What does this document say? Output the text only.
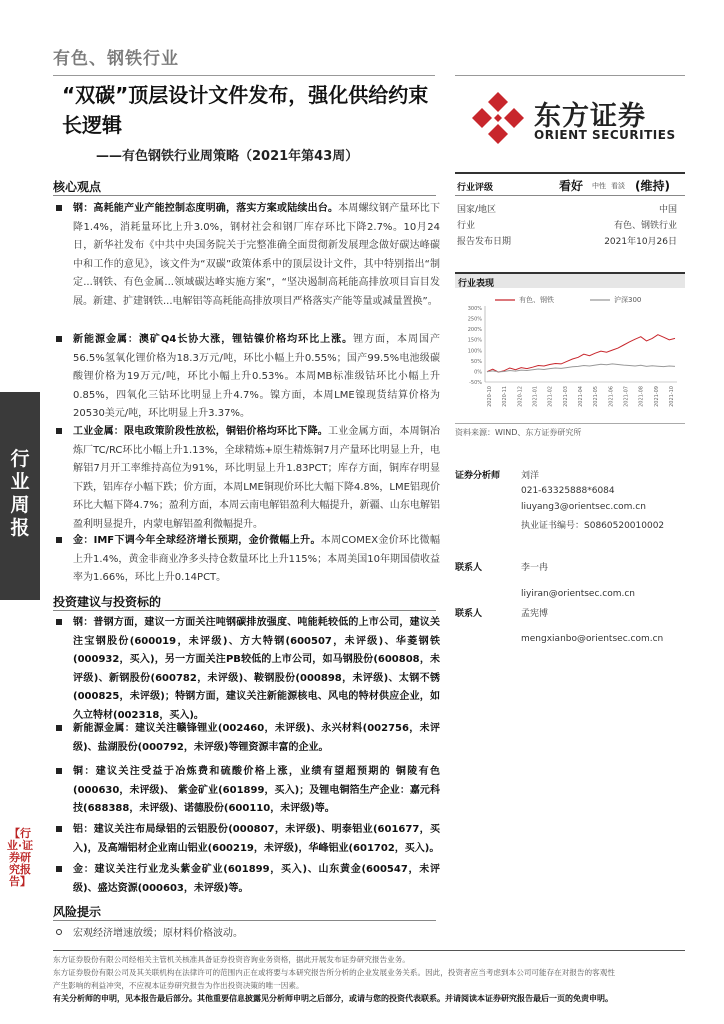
有色、钢铁行业
“双碳”顶层设计文件发布，强化供给约束长逻辑
——有色钢铁行业周策略（2021年第43周）
东方证券
ORIENT SECURITIES
行业周报
【行业·证券研究报告】
核心观点
钢：高耗能产业产能控制态度明确，落实方案或陆续出台。本周螺纹钢产量环比下降1.4%，消耗量环比上升3.0%，钢材社会和钢厂库存环比下降2.7%。10月24日，新华社发布《中共中央国务院关于完整准确全面贯彻新发展理念做好碳达峰碳中和工作的意见》，该文件为“双碳”政策体系中的顶层设计文件，其中特别指出“制定...钢铁、有色金属...领域碳达峰实施方案”，“坚决遏制高耗能高排放项目盲目发展。新建、扩建钢铁...电解铝等高耗能高排放项目严格落实产能等量或减量置换”。
新能源金属：澳矿Q4长协大涨，锂钴镍价格均环比上涨。锂方面，本周国产56.5%氢氧化锂价格为18.3万元/吨，环比小幅上升0.55%；国产99.5%电池级碳酸锂价格为19万元/吨，环比小幅上升0.53%。本周MB标准级钴环比小幅上升0.85%，四氧化三钴环比明显上升4.7%。镍方面，本周LME镍现货结算价格为20530美元/吨，环比明显上升3.37%。
工业金属：限电政策阶段性放松，铜铝价格均环比下降。工业金属方面，本周铜冶炼厂TC/RC环比小幅上升1.13%，全球精炼+原生精炼铜7月产量环比明显上升，电解铝7月开工率维持高位为91%，环比明显上升1.83PCT；库存方面，铜库存明显下跌，铝库存小幅下跌；价方面，本周LME铜现价环比大幅下降4.8%，LME铝现价环比大幅下降4.7%；盈利方面，本周云南电解铝盈利大幅提升，新疆、山东电解铝盈利明显提升，内蒙电解铝盈利微幅提升。
金：IMF下调今年全球经济增长预期，金价微幅上升。本周COMEX金价环比微幅上升1.4%，黄金非商业净多头持仓数量环比上升115%；本周美国10年期国债收益率为1.66%，环比上升0.14PCT。
投资建议与投资标的
钢：普钢方面，建议一方面关注吨钢碳排放强度、吨能耗较低的上市公司，建议关注宝钢股份(600019，未评级)、方大特钢(600507，未评级)、华菱钢铁(000932，买入)，另一方面关注PB较低的上市公司，如马钢股份(600808，未评级)、新钢股份(600782，未评级)、鞍钢股份(000898，未评级)、太钢不锈(000825，未评级)；特钢方面，建议关注新能源核电、风电的特材供应企业，如久立特材(002318，买入)。
新能源金属：建议关注赣锋锂业(002460，未评级)、永兴材料(002756，未评级)、盐湖股份(000792，未评级)等锂资源丰富的企业。
铜：建议关注受益于冶炼费和硫酸价格上涨，业绩有望超预期的 铜陵有色(000630，未评级)、 紫金矿业(601899，买入)；及锂电铜箔生产企业：嘉元科技(688388，未评级)、诺德股份(600110，未评级)等。
铝：建议关注布局绿铝的云铝股份(000807，未评级)、明泰铝业(601677，买入)，及高端铝材企业南山铝业(600219，未评级)，华峰铝业(601702，买入)。
金：建议关注行业龙头紫金矿业(601899，买入)、山东黄金(600547，未评级)、盛达资源(000603，未评级)等。
风险提示
宏观经济增速放缓；原材料价格波动。
行业评级	看好 中性 看淡 (维持)
国家/地区	中国
行业	有色、钢铁行业
报告发布日期	2021年10月26日
行业表现
300%
250%
200%
150%
100%
50%
0%
-50%
2020-10 2020-11 2020-12 2021-01 2021-02 2021-03 2021-04 2021-05 2021-06 2021-07 2021-08 2021-09 2021-10
有色、钢铁	沪深300
资料来源：WIND、东方证券研究所
证券分析师 刘洋
021-63325888*6084
liuyang3@orientsec.com.cn
执业证书编号：S0860520010002
联系人	李一冉
liyiran@orientsec.com.cn
联系人	孟宪博
mengxianbo@orientsec.com.cn
东方证券股份有限公司经相关主管机关核准具备证券投资咨询业务资格，据此开展发布证券研究报告业务。
东方证券股份有限公司及其关联机构在法律许可的范围内正在或将要与本研究报告所分析的企业发展业务关系。因此，投资者应当考虑到本公司可能存在对报告的客观性
产生影响的利益冲突，不应视本证券研究报告为作出投资决策的唯一因素。
有关分析师的申明，见本报告最后部分。其他重要信息披露见分析师申明之后部分，或请与您的投资代表联系。并请阅读本证券研究报告最后一页的免责申明。
